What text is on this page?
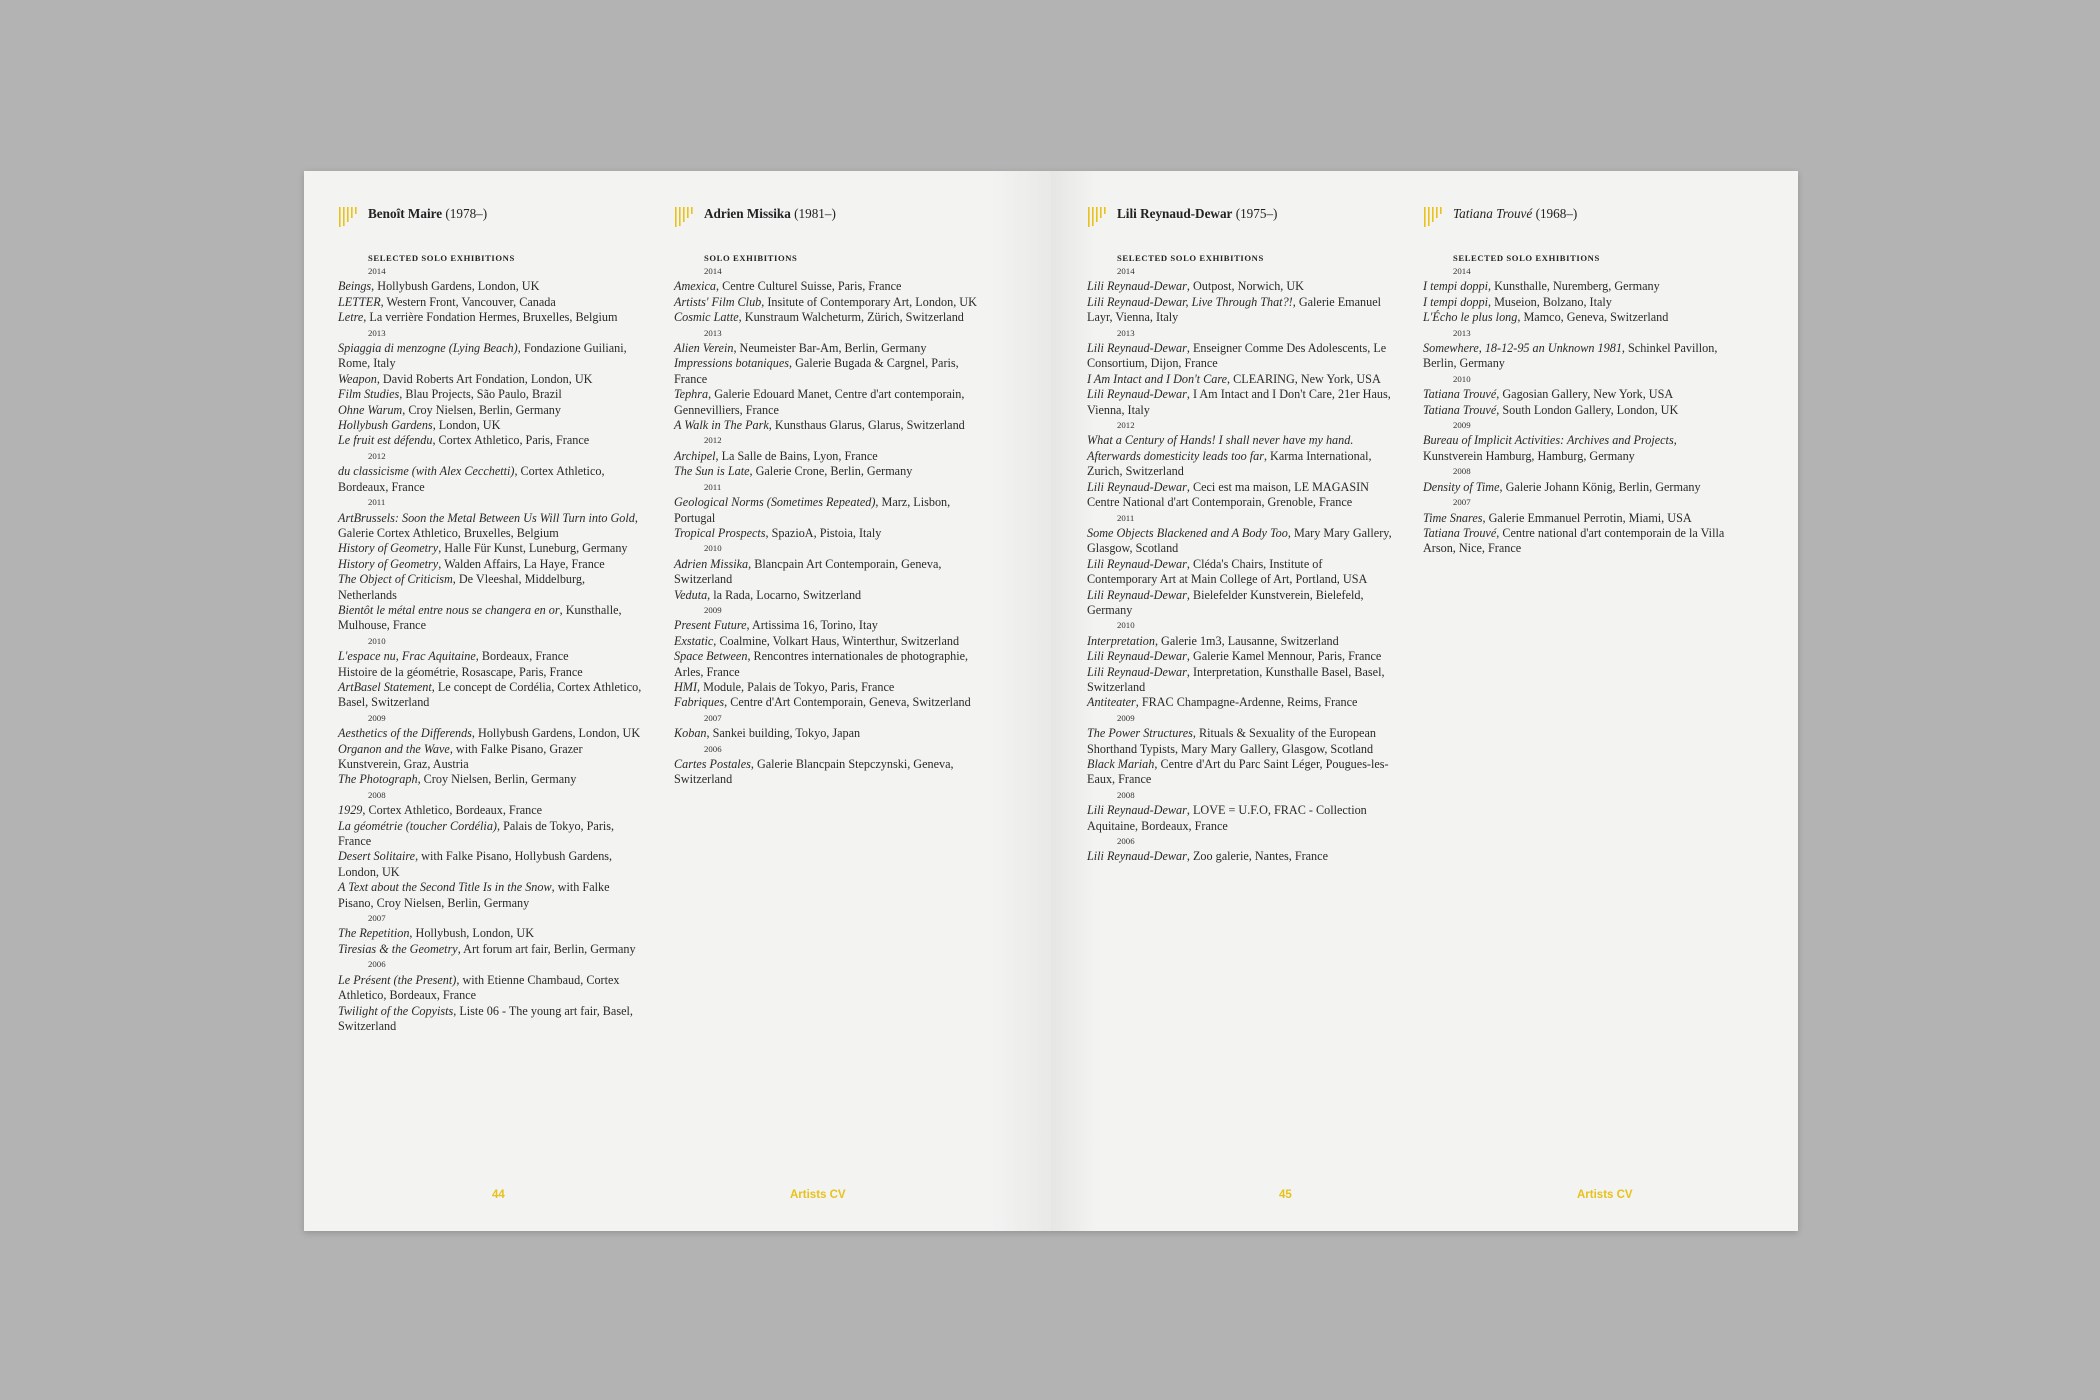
Benoît Maire (1978–)
SELECTED SOLO EXHIBITIONS
2014
Beings, Hollybush Gardens, London, UK
LETTER, Western Front, Vancouver, Canada
Letre, La verrière Fondation Hermes, Bruxelles, Belgium
2013
Spiaggia di menzogne (Lying Beach), Fondazione Guiliani, Rome, Italy
Weapon, David Roberts Art Fondation, London, UK
Film Studies, Blau Projects, São Paulo, Brazil
Ohne Warum, Croy Nielsen, Berlin, Germany
Hollybush Gardens, London, UK
Le fruit est défendu, Cortex Athletico, Paris, France
2012
du classicisme (with Alex Cecchetti), Cortex Athletico, Bordeaux, France
2011
ArtBrussels: Soon the Metal Between Us Will Turn into Gold, Galerie Cortex Athletico, Bruxelles, Belgium
History of Geometry, Halle Für Kunst, Luneburg, Germany
History of Geometry, Walden Affairs, La Haye, France
The Object of Criticism, De Vleeshal, Middelburg, Netherlands
Bientôt le métal entre nous se changera en or, Kunsthalle, Mulhouse, France
2010
L'espace nu, Frac Aquitaine, Bordeaux, France
Histoire de la géométrie, Rosascape, Paris, France
ArtBasel Statement, Le concept de Cordélia, Cortex Athletico, Basel, Switzerland
2009
Aesthetics of the Differends, Hollybush Gardens, London, UK
Organon and the Wave, with Falke Pisano, Grazer Kunstverein, Graz, Austria
The Photograph, Croy Nielsen, Berlin, Germany
2008
1929, Cortex Athletico, Bordeaux, France
La géométrie (toucher Cordélia), Palais de Tokyo, Paris, France
Desert Solitaire, with Falke Pisano, Hollybush Gardens, London, UK
A Text about the Second Title Is in the Snow, with Falke Pisano, Croy Nielsen, Berlin, Germany
2007
The Repetition, Hollybush, London, UK
Tiresias & the Geometry, Art forum art fair, Berlin, Germany
2006
Le Présent (the Present), with Etienne Chambaud, Cortex Athletico, Bordeaux, France
Twilight of the Copyists, Liste 06 - The young art fair, Basel, Switzerland
Adrien Missika (1981–)
SOLO EXHIBITIONS
2014
Amexica, Centre Culturel Suisse, Paris, France
Artists' Film Club, Insitute of Contemporary Art, London, UK
Cosmic Latte, Kunstraum Walcheturm, Zürich, Switzerland
2013
Alien Verein, Neumeister Bar-Am, Berlin, Germany
Impressions botaniques, Galerie Bugada & Cargnel, Paris, France
Tephra, Galerie Edouard Manet, Centre d'art contemporain, Gennevilliers, France
A Walk in The Park, Kunsthaus Glarus, Glarus, Switzerland
2012
Archipel, La Salle de Bains, Lyon, France
The Sun is Late, Galerie Crone, Berlin, Germany
2011
Geological Norms (Sometimes Repeated), Marz, Lisbon, Portugal
Tropical Prospects, SpazioA, Pistoia, Italy
2010
Adrien Missika, Blancpain Art Contemporain, Geneva, Switzerland
Veduta, la Rada, Locarno, Switzerland
2009
Present Future, Artissima 16, Torino, Itay
Exstatic, Coalmine, Volkart Haus, Winterthur, Switzerland
Space Between, Rencontres internationales de photographie, Arles, France
HMI, Module, Palais de Tokyo, Paris, France
Fabriques, Centre d'Art Contemporain, Geneva, Switzerland
2007
Koban, Sankei building, Tokyo, Japan
2006
Cartes Postales, Galerie Blancpain Stepczynski, Geneva, Switzerland
44	Artists CV
Lili Reynaud-Dewar (1975–)
SELECTED SOLO EXHIBITIONS
2014
Lili Reynaud-Dewar, Outpost, Norwich, UK
Lili Reynaud-Dewar, Live Through That?!, Galerie Emanuel Layr, Vienna, Italy
2013
Lili Reynaud-Dewar, Enseigner Comme Des Adolescents, Le Consortium, Dijon, France
I Am Intact and I Don't Care, CLEARING, New York, USA
Lili Reynaud-Dewar, I Am Intact and I Don't Care, 21er Haus, Vienna, Italy
2012
What a Century of Hands! I shall never have my hand. Afterwards domesticity leads too far, Karma International, Zurich, Switzerland
Lili Reynaud-Dewar, Ceci est ma maison, LE MAGASIN Centre National d'art Contemporain, Grenoble, France
2011
Some Objects Blackened and A Body Too, Mary Mary Gallery, Glasgow, Scotland
Lili Reynaud-Dewar, Cléda's Chairs, Institute of Contemporary Art at Main College of Art, Portland, USA
Lili Reynaud-Dewar, Bielefelder Kunstverein, Bielefeld, Germany
2010
Interpretation, Galerie 1m3, Lausanne, Switzerland
Lili Reynaud-Dewar, Galerie Kamel Mennour, Paris, France
Lili Reynaud-Dewar, Interpretation, Kunsthalle Basel, Basel, Switzerland
Antiteater, FRAC Champagne-Ardenne, Reims, France
2009
The Power Structures, Rituals & Sexuality of the European Shorthand Typists, Mary Mary Gallery, Glasgow, Scotland
Black Mariah, Centre d'Art du Parc Saint Léger, Pougues-les-Eaux, France
2008
Lili Reynaud-Dewar, LOVE = U.F.O, FRAC - Collection Aquitaine, Bordeaux, France
2006
Lili Reynaud-Dewar, Zoo galerie, Nantes, France
Tatiana Trouvé (1968–)
SELECTED SOLO EXHIBITIONS
2014
I tempi doppi, Kunsthalle, Nuremberg, Germany
I tempi doppi, Museion, Bolzano, Italy
L'Écho le plus long, Mamco, Geneva, Switzerland
2013
Somewhere, 18-12-95 an Unknown 1981, Schinkel Pavillon, Berlin, Germany
2010
Tatiana Trouvé, Gagosian Gallery, New York, USA
Tatiana Trouvé, South London Gallery, London, UK
2009
Bureau of Implicit Activities: Archives and Projects, Kunstverein Hamburg, Hamburg, Germany
2008
Density of Time, Galerie Johann König, Berlin, Germany
2007
Time Snares, Galerie Emmanuel Perrotin, Miami, USA
Tatiana Trouvé, Centre national d'art contemporain de la Villa Arson, Nice, France
45	Artists CV
